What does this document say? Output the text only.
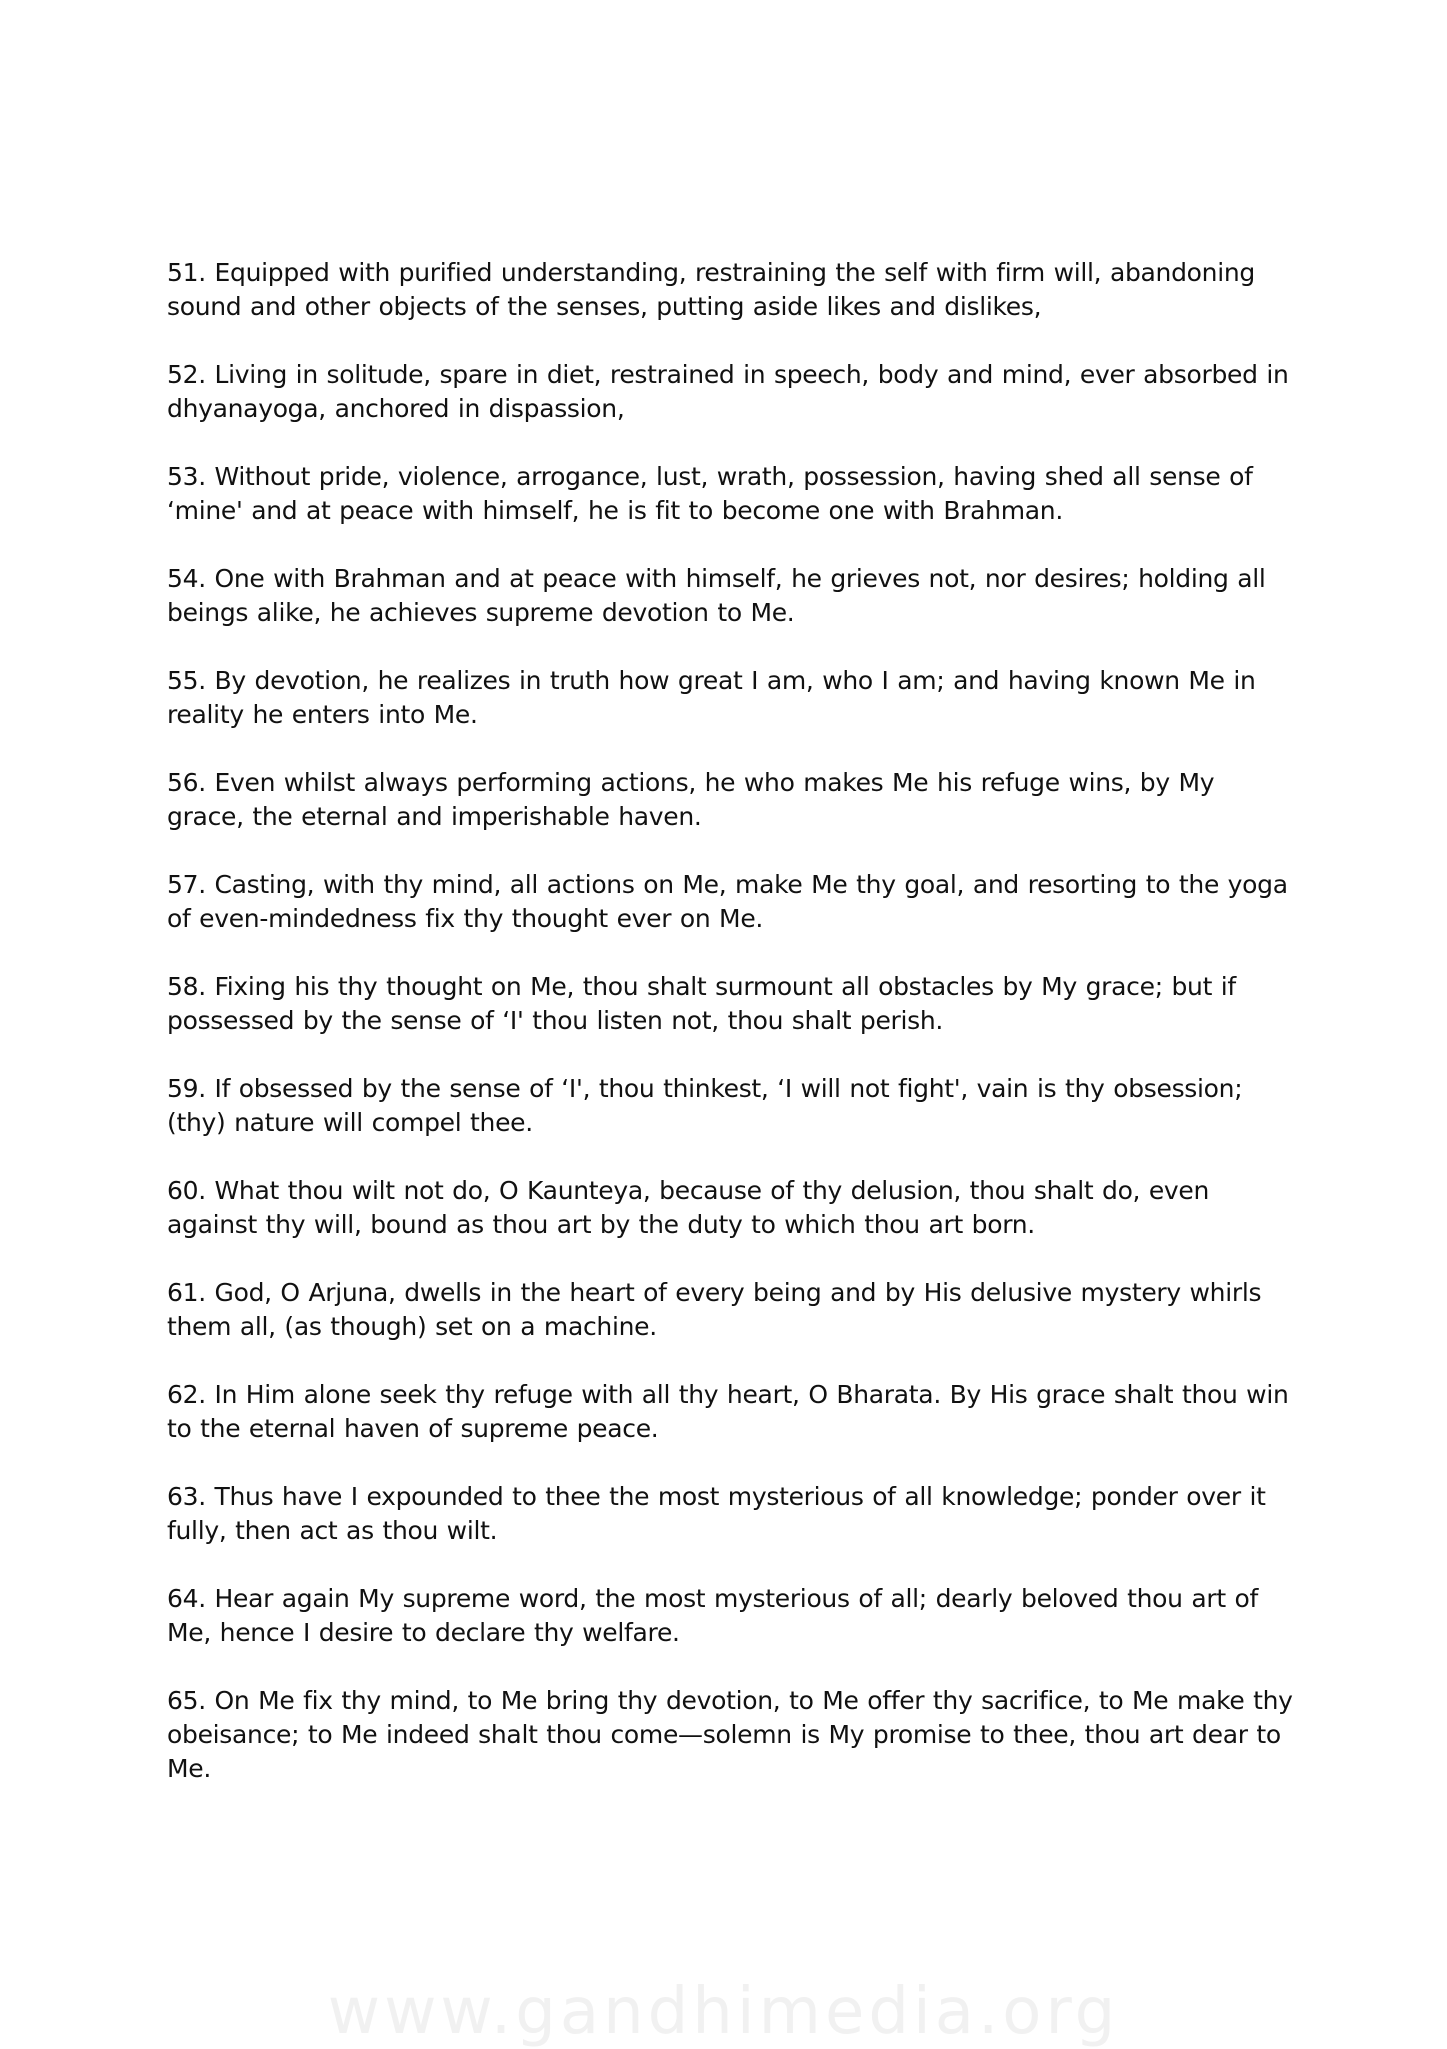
51. Equipped with purified understanding, restraining the self with firm will, abandoning sound and other objects of the senses, putting aside likes and dislikes,

52. Living in solitude, spare in diet, restrained in speech, body and mind, ever absorbed in dhyanayoga, anchored in dispassion,

53. Without pride, violence, arrogance, lust, wrath, possession, having shed all sense of ‘mine' and at peace with himself, he is fit to become one with Brahman.

54. One with Brahman and at peace with himself, he grieves not, nor desires; holding all beings alike, he achieves supreme devotion to Me.

55. By devotion, he realizes in truth how great I am, who I am; and having known Me in reality he enters into Me.

56. Even whilst always performing actions, he who makes Me his refuge wins, by My grace, the eternal and imperishable haven.

57. Casting, with thy mind, all actions on Me, make Me thy goal, and resorting to the yoga of even-mindedness fix thy thought ever on Me.

58. Fixing his thy thought on Me, thou shalt surmount all obstacles by My grace; but if possessed by the sense of ‘I' thou listen not, thou shalt perish.

59. If obsessed by the sense of ‘I', thou thinkest, ‘I will not fight', vain is thy obsession; (thy) nature will compel thee.

60. What thou wilt not do, O Kaunteya, because of thy delusion, thou shalt do, even against thy will, bound as thou art by the duty to which thou art born.

61. God, O Arjuna, dwells in the heart of every being and by His delusive mystery whirls them all, (as though) set on a machine.

62. In Him alone seek thy refuge with all thy heart, O Bharata. By His grace shalt thou win to the eternal haven of supreme peace.

63. Thus have I expounded to thee the most mysterious of all knowledge; ponder over it fully, then act as thou wilt.

64. Hear again My supreme word, the most mysterious of all; dearly beloved thou art of Me, hence I desire to declare thy welfare.

65. On Me fix thy mind, to Me bring thy devotion, to Me offer thy sacrifice, to Me make thy obeisance; to Me indeed shalt thou come—solemn is My promise to thee, thou art dear to Me.

www.gandhimedia.org
